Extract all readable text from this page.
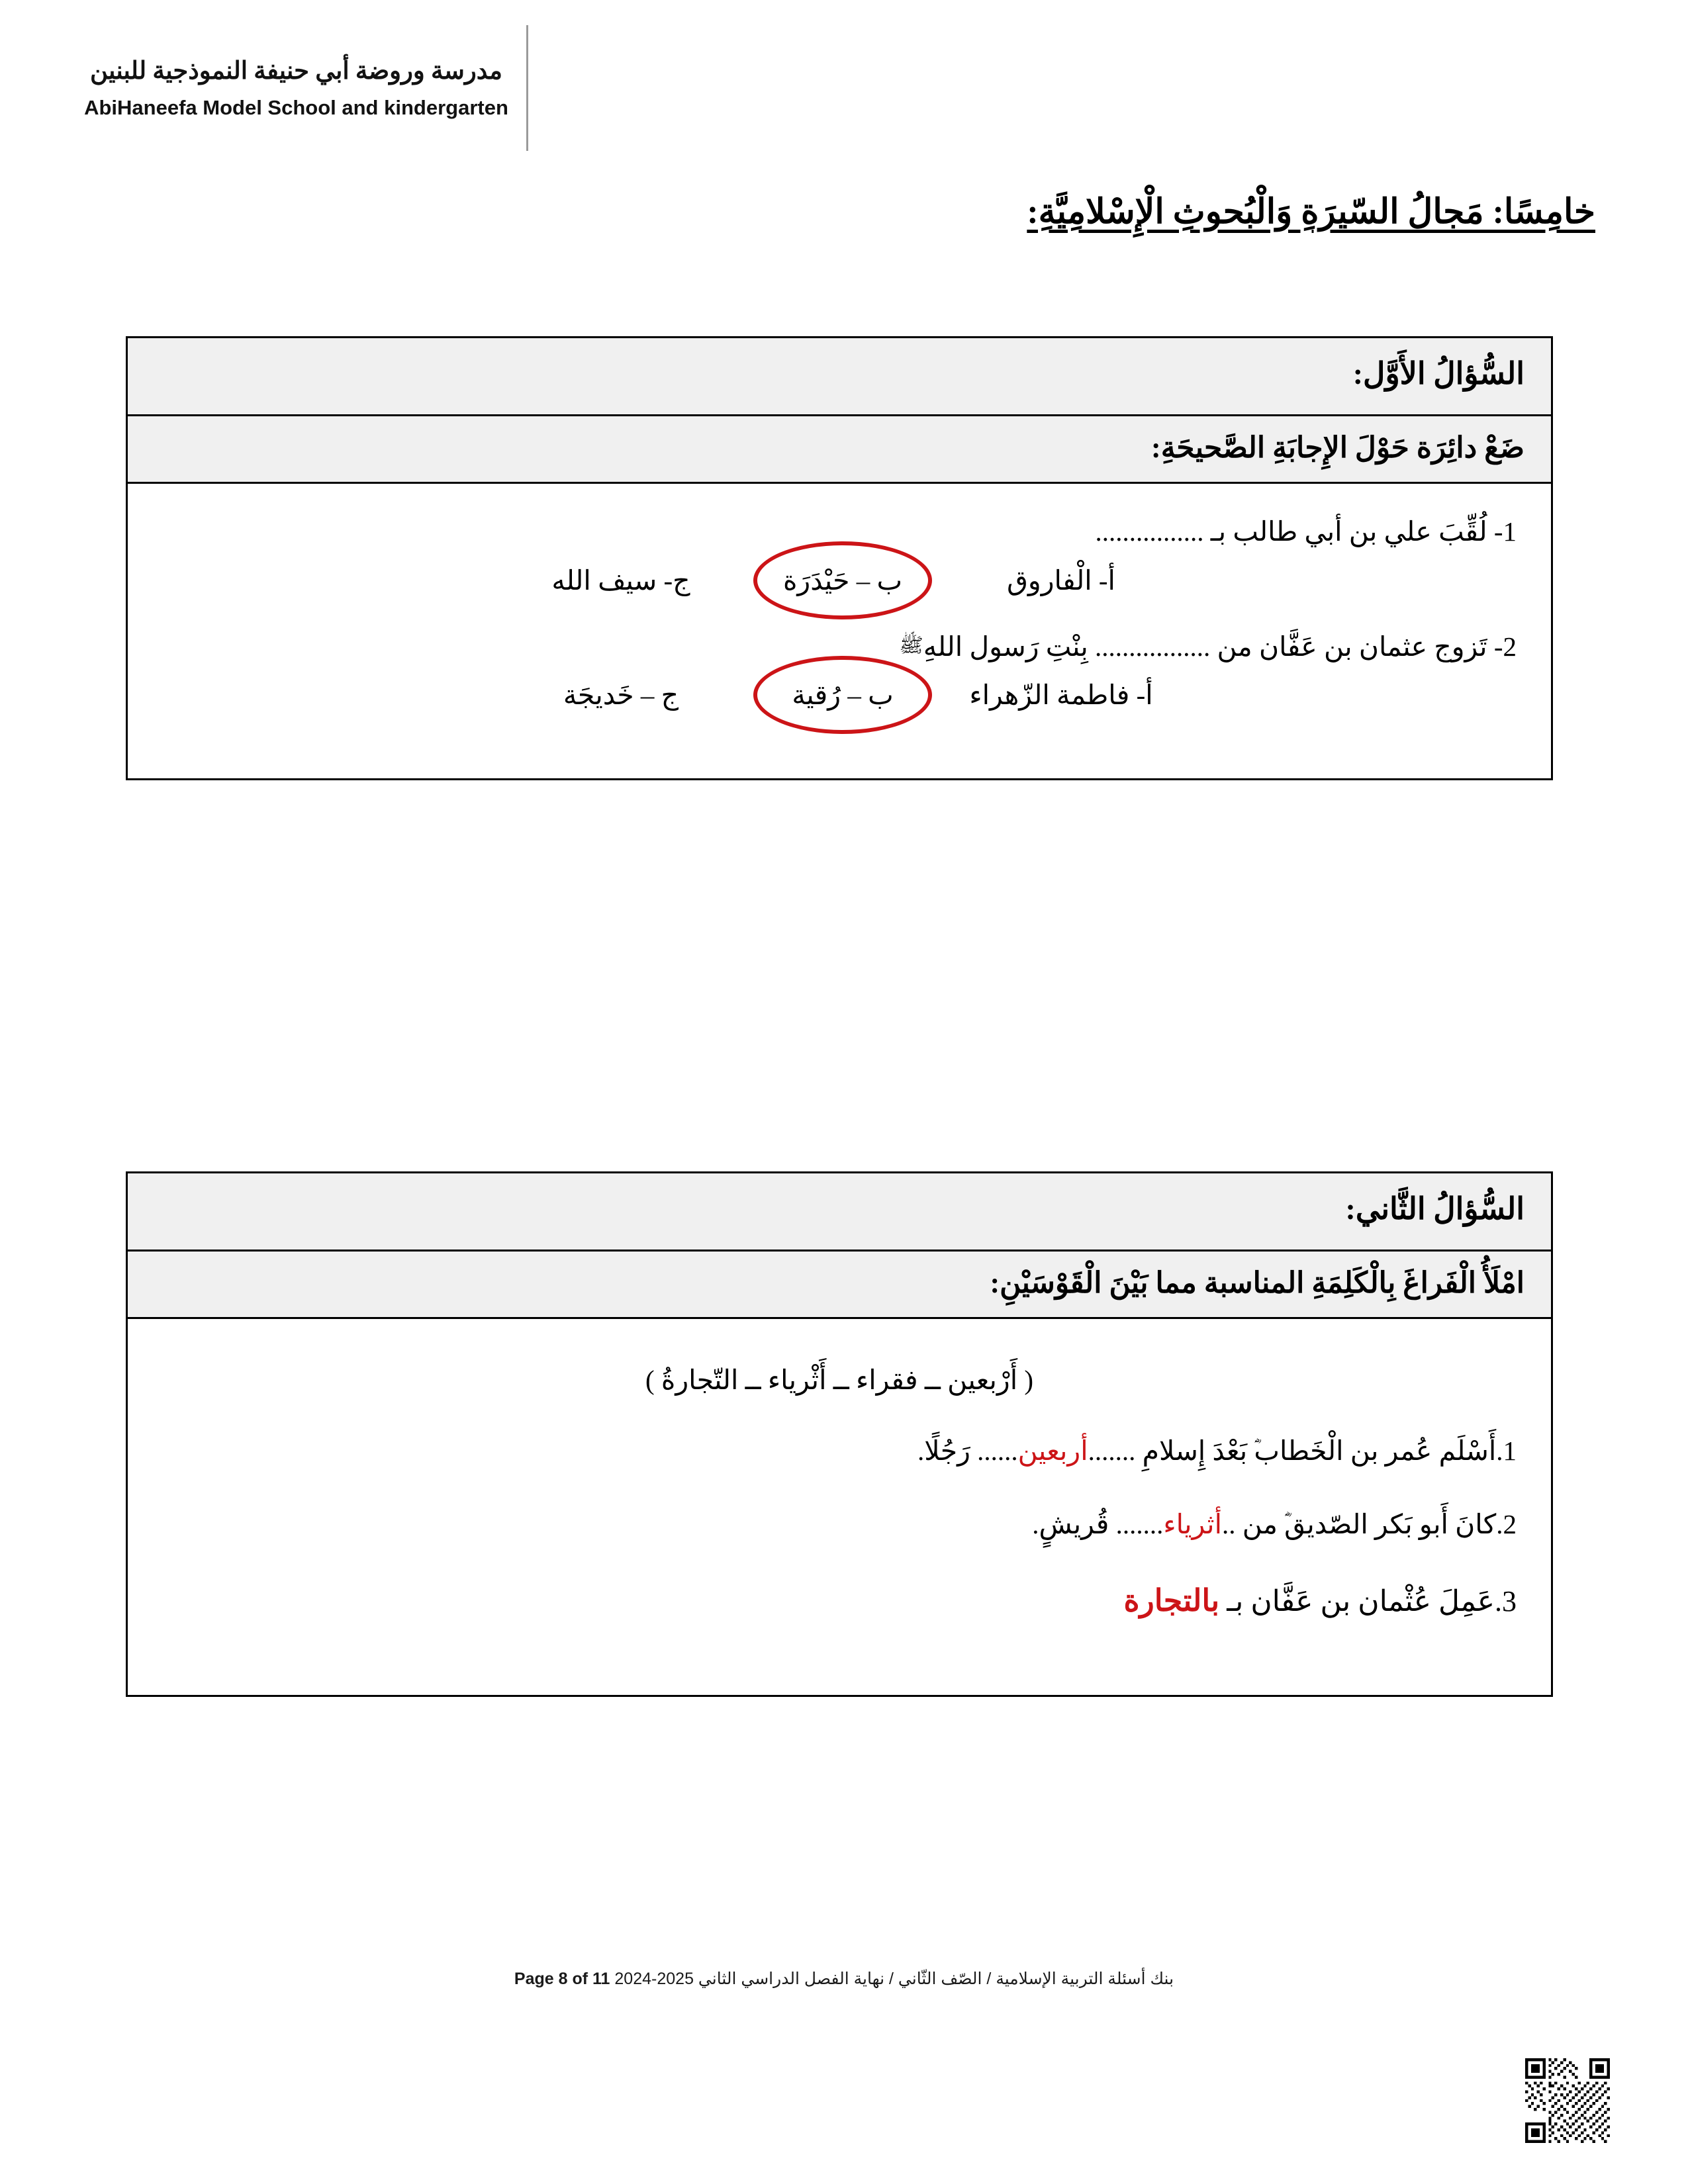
مدرسة وروضة أبي حنيفة النموذجية للبنين
AbiHaneefa Model School and kindergarten
خامِسًا: مَجالُ السّيرَةِ وَالْبُحوثِ الْإِسْلامِيَّةِ:
السُّؤالُ الأَوَّل:
ضَعْ دائِرَة حَوْلَ الإِجابَةِ الصَّحيحَةِ:

1- لُقِّبَ علي بن أبي طالب بـ ................

أ- الْفاروق
ب – حَيْدَرَة
ج- سيف الله

2- تَزوج عثمان بن عَفَّان من ................. بِنْتِ رَسول اللهِﷺ

أ- فاطمة الزّهراء
ب – رُقية
ج – خَديجَة
السُّؤالُ الثَّاني:
امْلَأُ الْفَراغَ بِالْكَلِمَةِ المناسبة مما بَيْنَ الْقَوْسَيْنِ:
( أَرْبعين ــ فقراء ــ أَثْرياء ــ التّجارةُ )

1.أَسْلَم عُمر بن الْخَطاب بَعْدَ إِسلامِ .......أربعين...... رَجُلًا.

2.كانَ أَبو بَكر الصّديق من ..أثرياء....... قُريشٍ.

3.عَمِلَ عُثْمان بن عَفَّان بـ بالتجارة

بنك أسئلة التربية الإسلامية / الصّف الثّاني / نهاية الفصل الدراسي الثاني 2025-2024 Page 8 of 11
